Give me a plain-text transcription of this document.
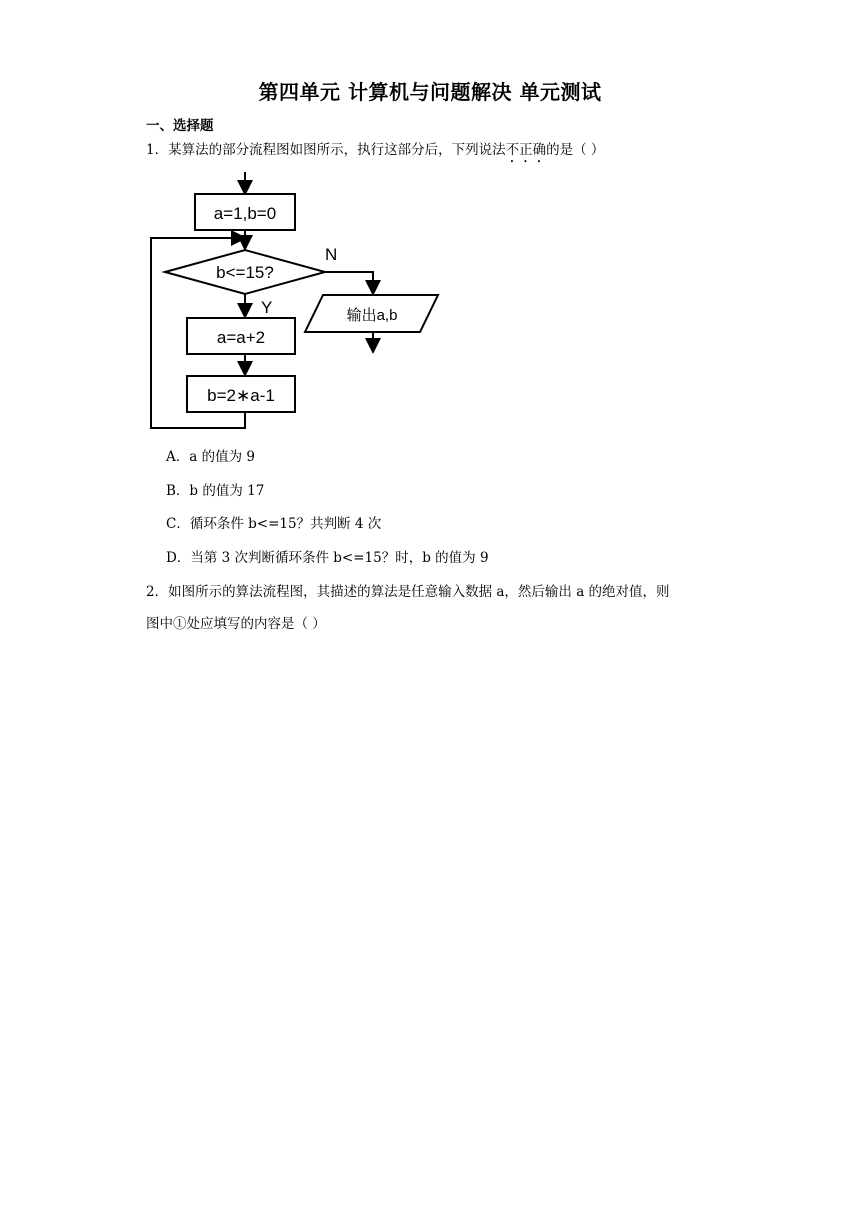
第四单元 计算机与问题解决 单元测试
一、选择题
1．某算法的部分流程图如图所示，执行这部分后，下列说法不正确的是（ ）
a=1,b=0
b<=15?
a=a+2
b=2∗a-1
N
Y	输出a,b
A．a 的值为 9
B．b 的值为 17
C．循环条件 b<=15？共判断 4 次
D．当第 3 次判断循环条件 b<=15？时，b 的值为 9
2．如图所示的算法流程图，其描述的算法是任意输入数据 a，然后输出 a 的绝对值，则
图中①处应填写的内容是（ ）
